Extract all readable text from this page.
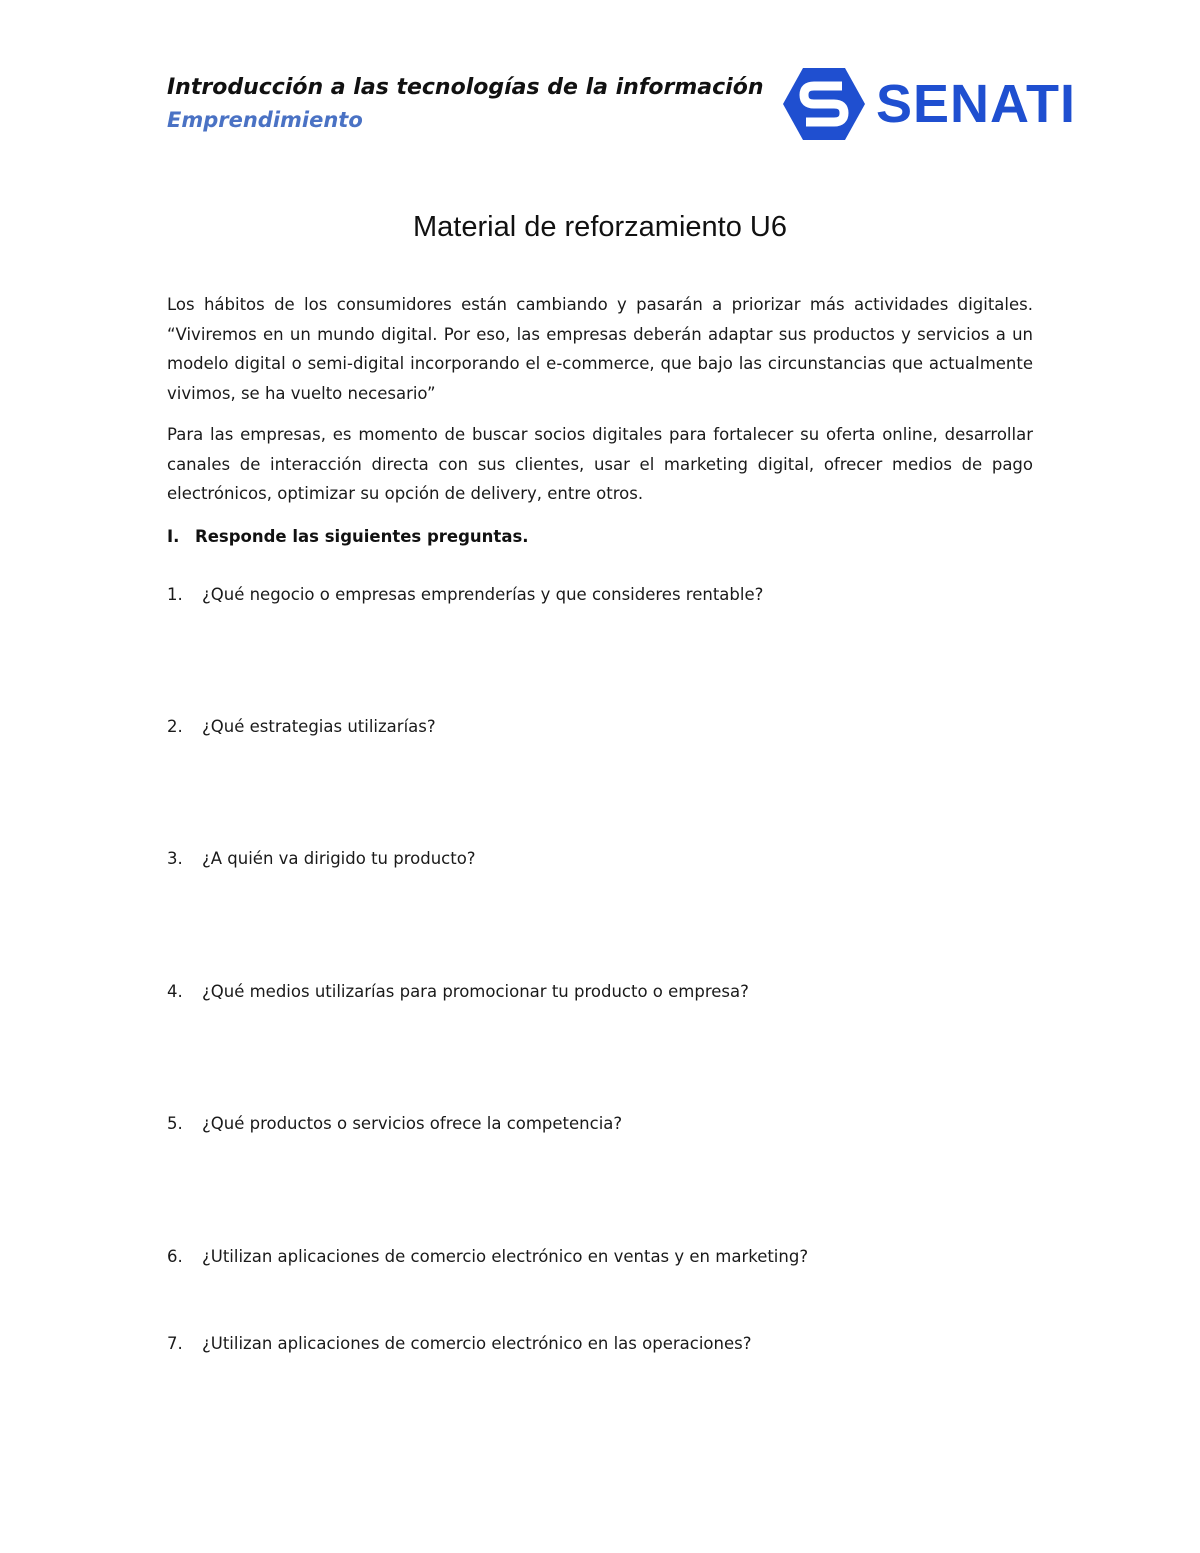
Introducción a las tecnologías de la información
Emprendimiento	SENATI
Material de reforzamiento U6

Los hábitos de los consumidores están cambiando y pasarán a priorizar más actividades digitales. “Viviremos en un mundo digital. Por eso, las empresas deberán adaptar sus productos y servicios a un modelo digital o semi-digital incorporando el e-commerce, que bajo las circunstancias que actualmente vivimos, se ha vuelto necesario”

Para las empresas, es momento de buscar socios digitales para fortalecer su oferta online, desarrollar canales de interacción directa con sus clientes, usar el marketing digital, ofrecer medios de pago electrónicos, optimizar su opción de delivery, entre otros.

I. Responde las siguientes preguntas.
1. ¿Qué negocio o empresas emprenderías y que consideres rentable?
2. ¿Qué estrategias utilizarías?
3. ¿A quién va dirigido tu producto?
4. ¿Qué medios utilizarías para promocionar tu producto o empresa?
5. ¿Qué productos o servicios ofrece la competencia?
6. ¿Utilizan aplicaciones de comercio electrónico en ventas y en marketing?
7. ¿Utilizan aplicaciones de comercio electrónico en las operaciones?
